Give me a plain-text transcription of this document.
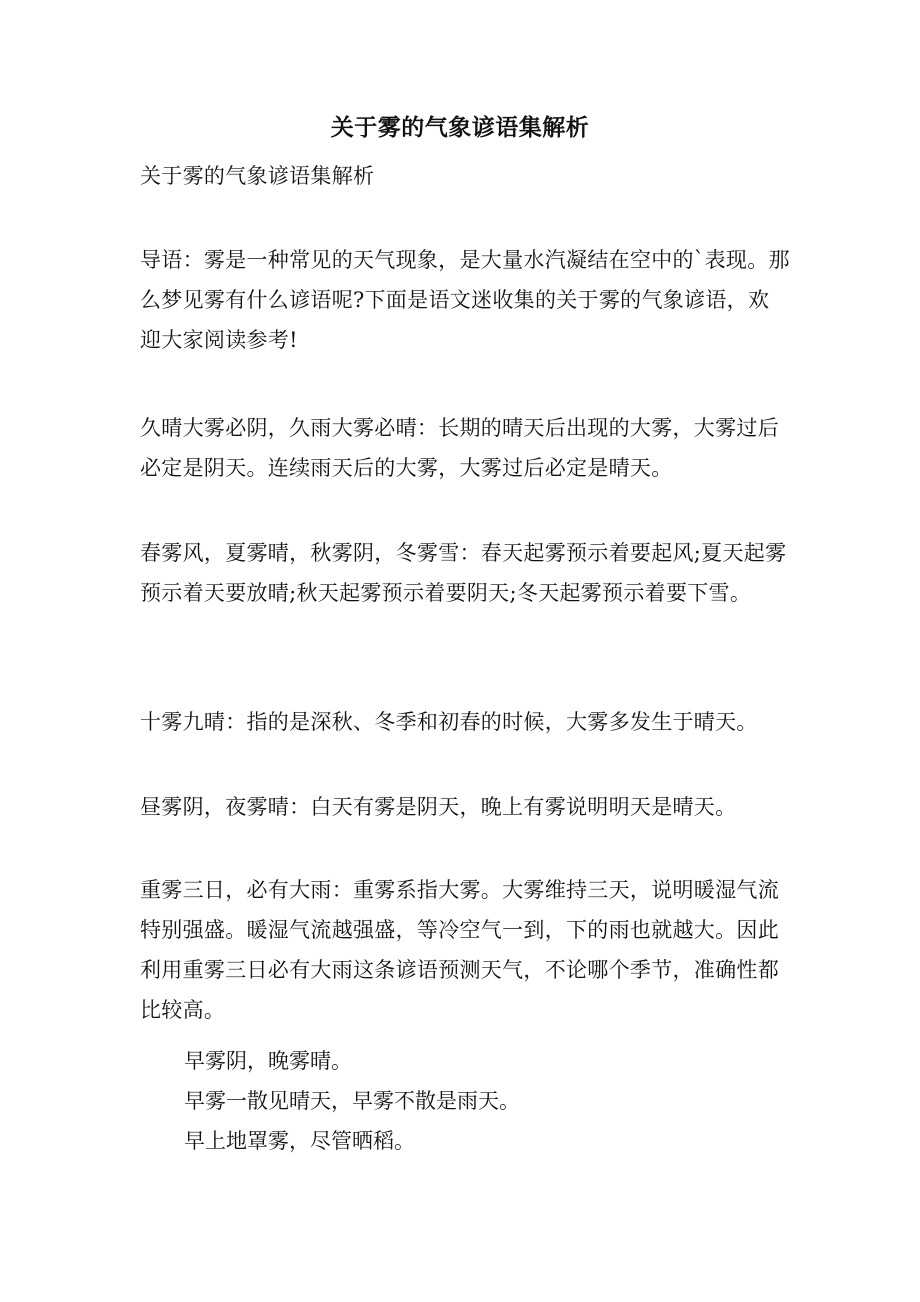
关于雾的气象谚语集解析
关于雾的气象谚语集解析
导语：雾是一种常见的天气现象，是大量水汽凝结在空中的`表现。那么梦见雾有什么谚语呢?下面是语文迷收集的关于雾的气象谚语，欢迎大家阅读参考!
久晴大雾必阴，久雨大雾必晴：长期的晴天后出现的大雾，大雾过后必定是阴天。连续雨天后的大雾，大雾过后必定是晴天。
春雾风，夏雾晴，秋雾阴，冬雾雪：春天起雾预示着要起风;夏天起雾预示着天要放晴;秋天起雾预示着要阴天;冬天起雾预示着要下雪。
十雾九晴：指的是深秋、冬季和初春的时候，大雾多发生于晴天。
昼雾阴，夜雾晴：白天有雾是阴天，晚上有雾说明明天是晴天。
重雾三日，必有大雨：重雾系指大雾。大雾维持三天，说明暖湿气流特别强盛。暖湿气流越强盛，等冷空气一到，下的雨也就越大。因此利用重雾三日必有大雨这条谚语预测天气，不论哪个季节，准确性都比较高。
早雾阴，晚雾晴。
早雾一散见晴天，早雾不散是雨天。
早上地罩雾，尽管晒稻。
